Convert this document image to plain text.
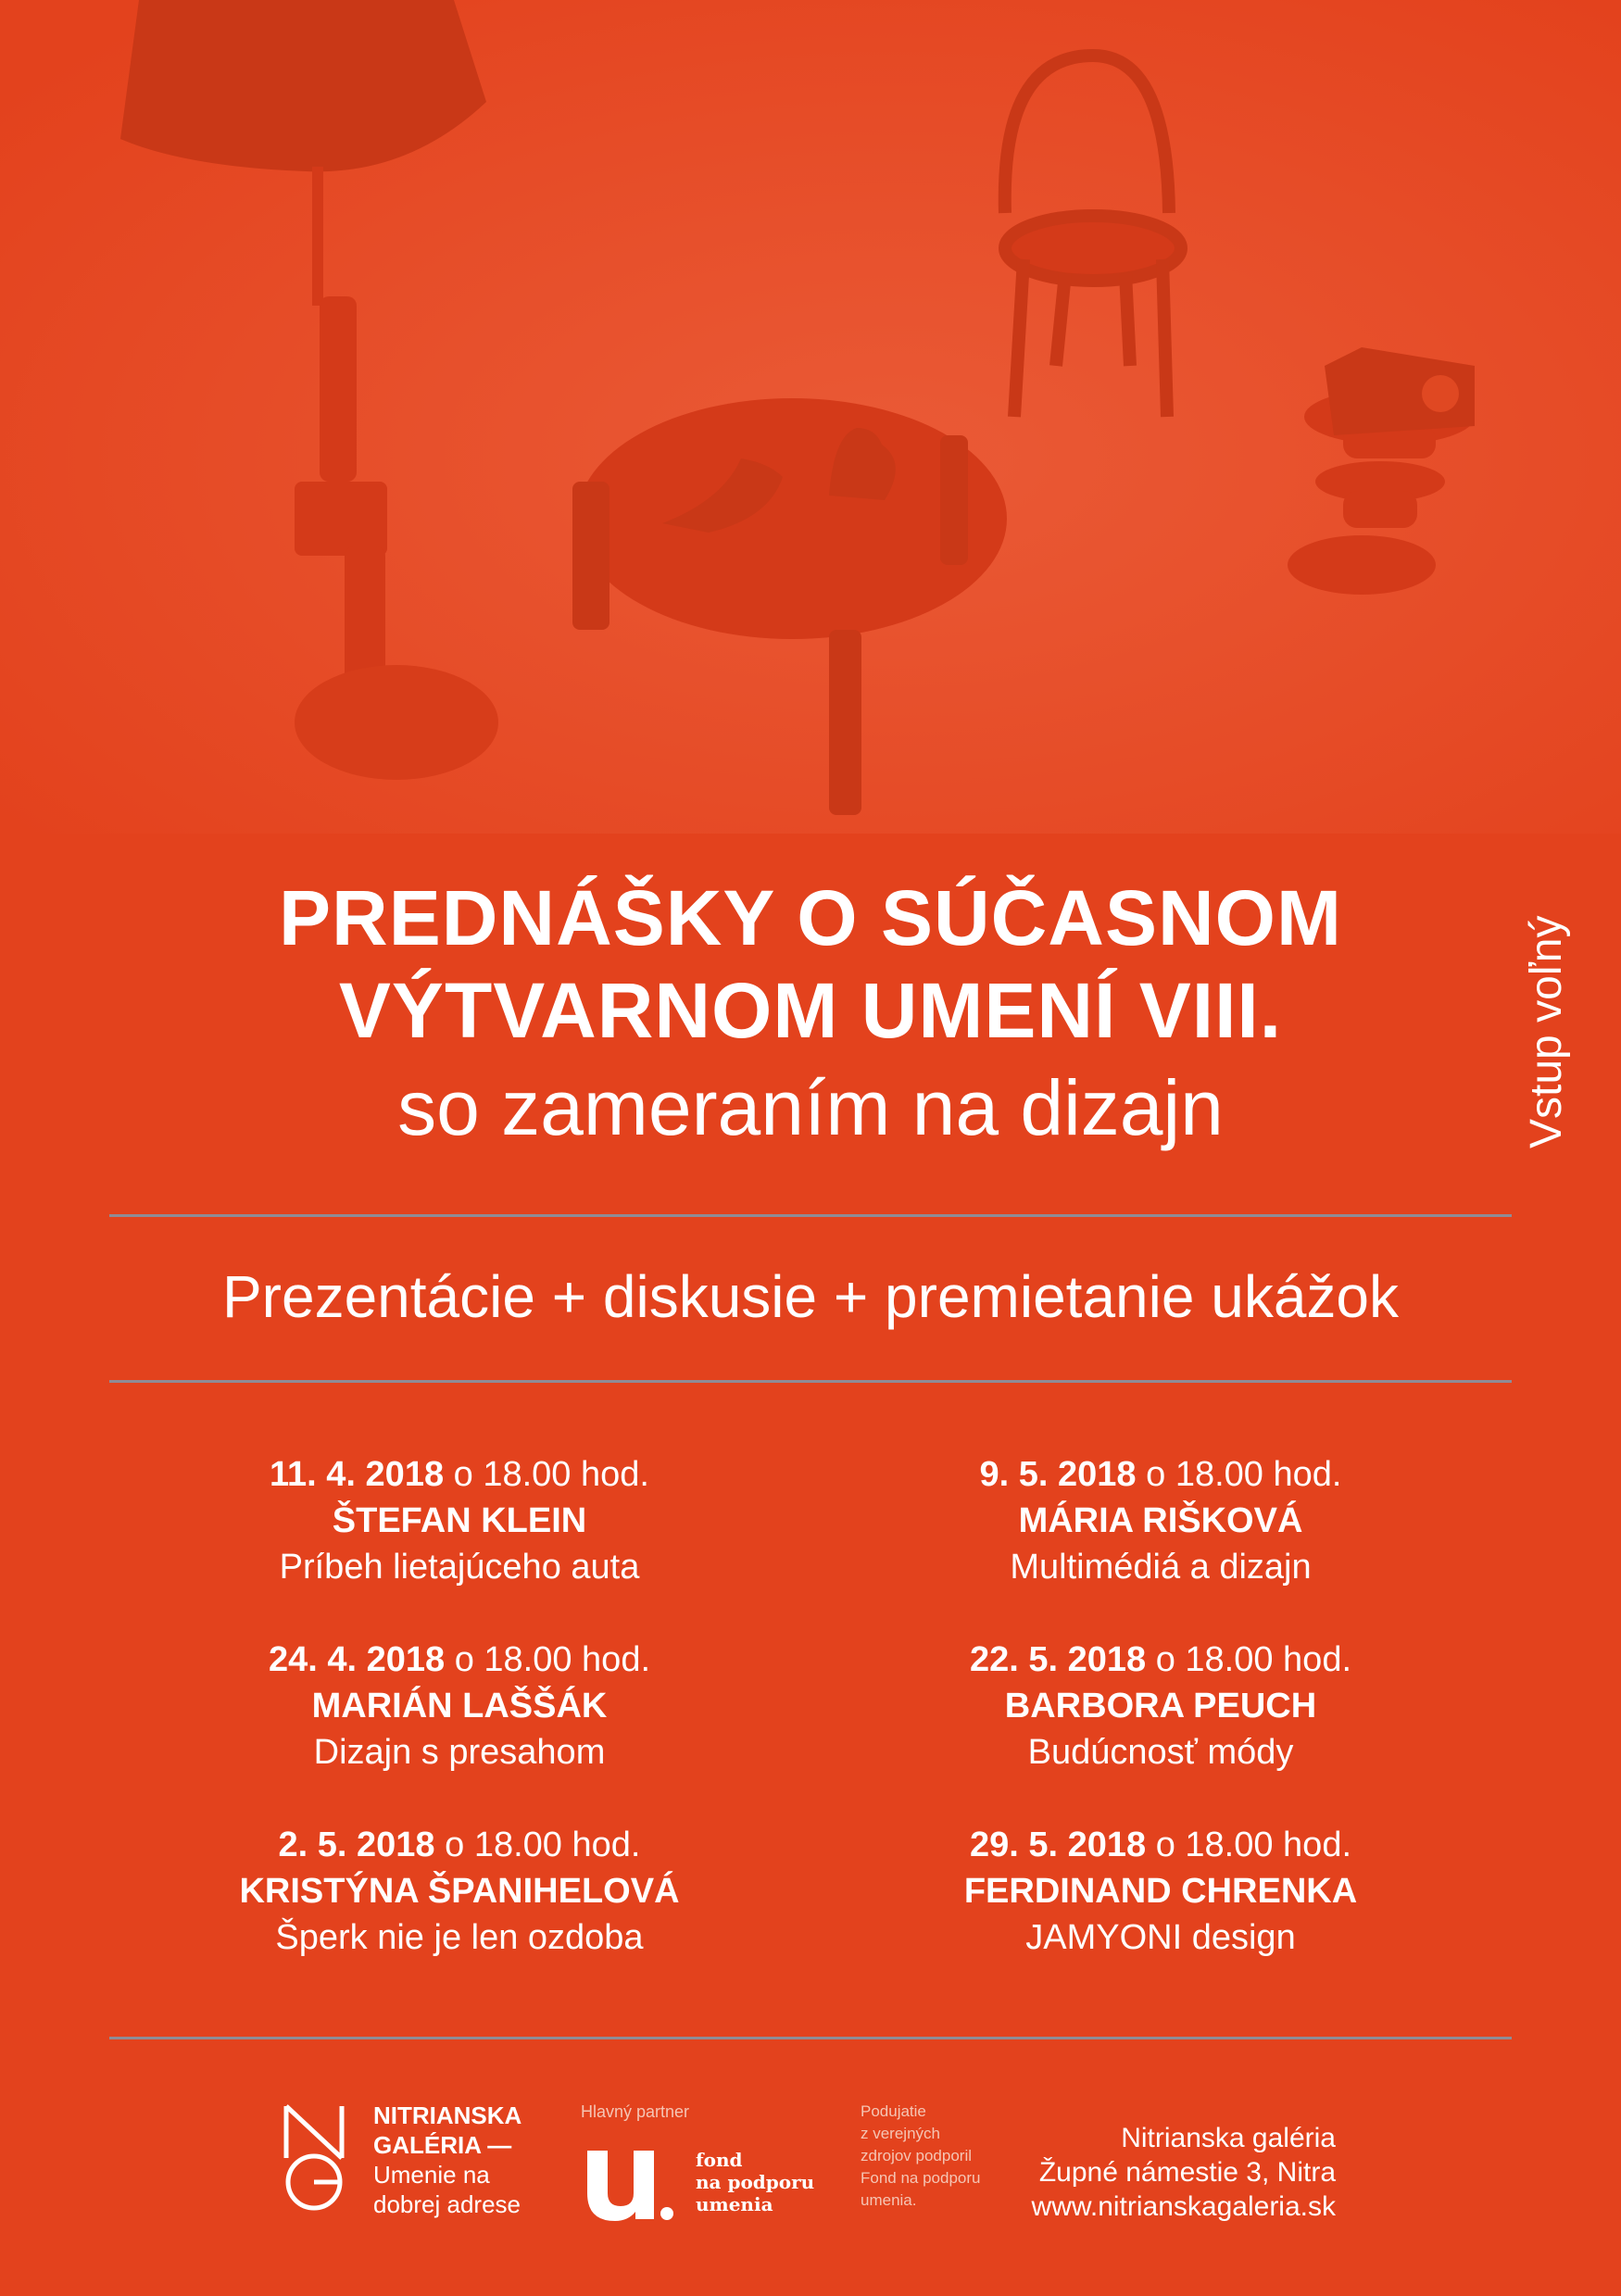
PREDNÁŠKY O SÚČASNOM
VÝTVARNOM UMENÍ VIII.
so zameraním na dizajn	Vstup voľný
Prezentácie + diskusie + premietanie ukážok
11. 4. 2018 o 18.00 hod.
ŠTEFAN KLEIN
Príbeh lietajúceho auta
24. 4. 2018 o 18.00 hod.
MARIÁN LAŠŠÁK
Dizajn s presahom
2. 5. 2018 o 18.00 hod.
KRISTÝNA ŠPANIHELOVÁ
Šperk nie je len ozdoba
9. 5. 2018 o 18.00 hod.
MÁRIA RIŠKOVÁ
Multimédiá a dizajn
22. 5. 2018 o 18.00 hod.
BARBORA PEUCH
Budúcnosť módy
29. 5. 2018 o 18.00 hod.
FERDINAND CHRENKA
JAMYONI design
NITRIANSKA
GALÉRIA —
Umenie na
dobrej adrese
Hlavný partner
fond
na podporu
umenia
Podujatie
z verejných
zdrojov podporil
Fond na podporu
umenia.
Nitrianska galéria
Župné námestie 3, Nitra
www.nitrianskagaleria.sk
